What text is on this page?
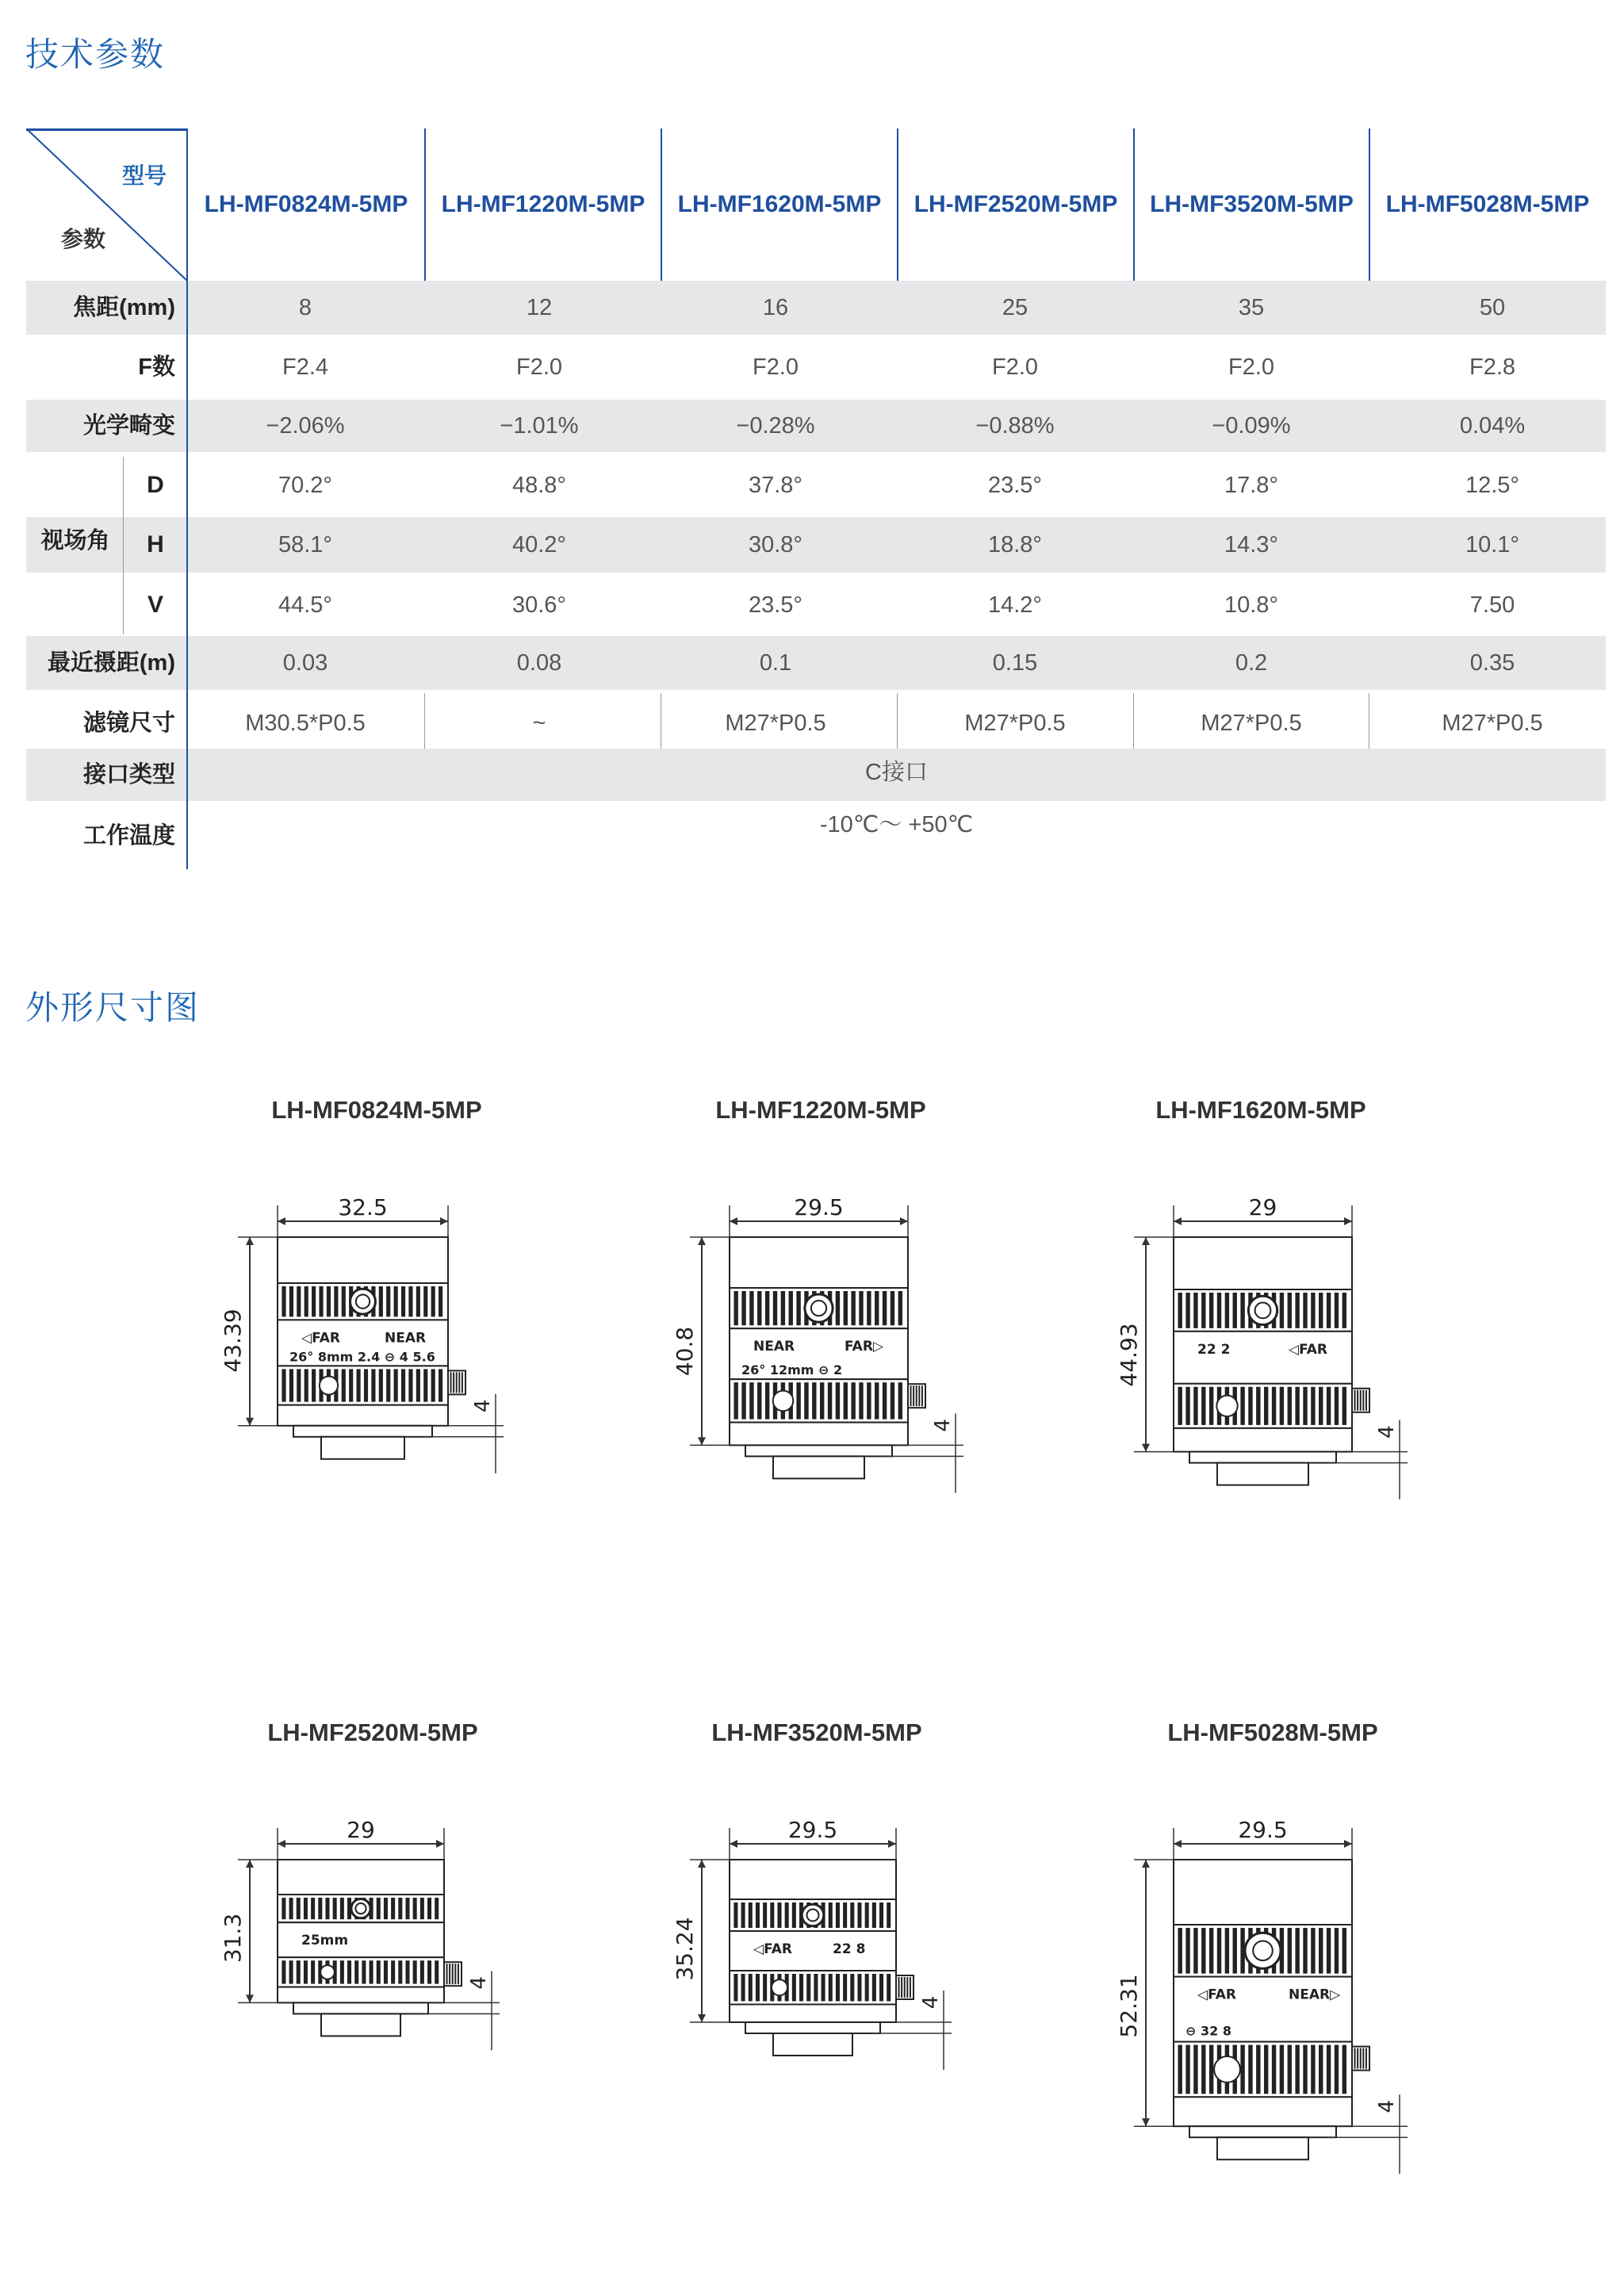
技术参数
型号
参数
LH-MF0824M-5MP	LH-MF1220M-5MP	LH-MF1620M-5MP	LH-MF2520M-5MP	LH-MF3520M-5MP	LH-MF5028M-5MP
焦距(mm)	8	12	16	25	35	50
F数	F2.4	F2.0	F2.0	F2.0	F2.0	F2.8
光学畸变	−2.06%	−1.01%	−0.28%	−0.88%	−0.09%	0.04%
D	70.2°	48.8°	37.8°	23.5°	17.8°	12.5°
H	58.1°	40.2°	30.8°	18.8°	14.3°	10.1°
V	44.5°	30.6°	23.5°	14.2°	10.8°	7.50
视场角
最近摄距(m)	0.03	0.08	0.1	0.15	0.2	0.35
滤镜尺寸	M30.5*P0.5	~	M27*P0.5	M27*P0.5	M27*P0.5	M27*P0.5
接口类型	C接口
工作温度	-10℃～ +50℃
外形尺寸图
LH-MF0824M-5MP
32.5
◁FAR	NEAR
26° 8mm 2.4 ⊖ 4 5.6
43.39
4
LH-MF1220M-5MP
29.5
NEAR	FAR▷
26° 12mm ⊖ 2
40.8
4
LH-MF1620M-5MP
29
22 2	◁FAR
44.93
4
LH-MF2520M-5MP
29
25mm
31.3
4
LH-MF3520M-5MP
29.5
◁FAR	22 8
35.24
4
LH-MF5028M-5MP
29.5
◁FAR	NEAR▷
⊖ 32 8
52.31
4
